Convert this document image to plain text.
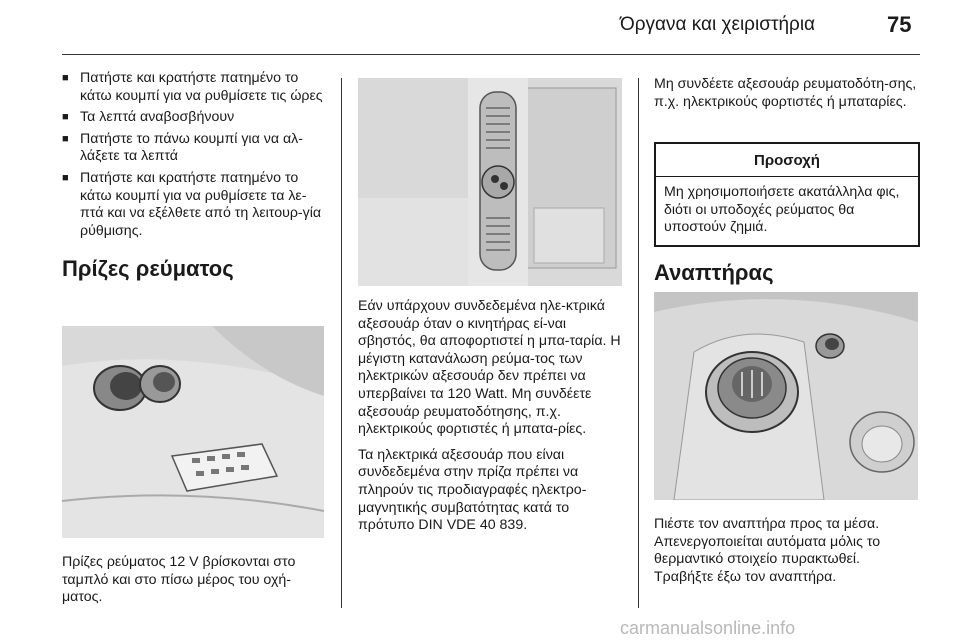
Όργανα και χειριστήρια	75
■ Πατήστε και κρατήστε πατημένο το κάτω κουμπί για να ρυθμίσετε τις ώρες
■ Τα λεπτά αναβοσβήνουν
■ Πατήστε το πάνω κουμπί για να αλ-λάξετε τα λεπτά
■ Πατήστε και κρατήστε πατημένο το κάτω κουμπί για να ρυθμίσετε τα λε-πτά και να εξέλθετε από τη λειτουρ-γία ρύθμισης.
Πρίζες ρεύματος
Πρίζες ρεύματος 12 V βρίσκονται στο ταμπλό και στο πίσω μέρος του οχή-ματος.

Εάν υπάρχουν συνδεδεμένα ηλε-κτρικά αξεσουάρ όταν ο κινητήρας εί-ναι σβηστός, θα αποφορτιστεί η μπα-ταρία. Η μέγιστη κατανάλωση ρεύμα-τος των ηλεκτρικών αξεσουάρ δεν πρέπει να υπερβαίνει τα 120 Watt. Μη συνδέετε αξεσουάρ ρευματοδότησης, π.χ. ηλεκτρικούς φορτιστές ή μπατα-ρίες.

Τα ηλεκτρικά αξεσουάρ που είναι συνδεδεμένα στην πρίζα πρέπει να πληρούν τις προδιαγραφές ηλεκτρο-μαγνητικής συμβατότητας κατά το πρότυπο DIN VDE 40 839.

Μη συνδέετε αξεσουάρ ρευματοδότη-σης, π.χ. ηλεκτρικούς φορτιστές ή μπαταρίες.

Προσοχή
Μη χρησιμοποιήσετε ακατάλληλα φις, διότι οι υποδοχές ρεύματος θα υποστούν ζημιά.
Αναπτήρας
Πιέστε τον αναπτήρα προς τα μέσα. Απενεργοποιείται αυτόματα μόλις το θερμαντικό στοιχείο πυρακτωθεί. Τραβήξτε έξω τον αναπτήρα.
carmanualsonline.info
